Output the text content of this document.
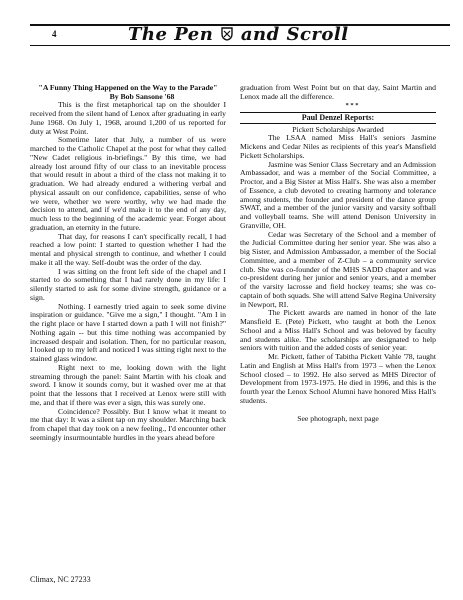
4	The Pen and Scroll

"A Funny Thing Happened on the Way to the Parade"

By Bob Sansone '68

This is the first metaphorical tap on the shoulder I received from the silent hand of Lenox after graduating in early June 1968. On July 1, 1968, around 1,200 of us reported for duty at West Point.

Sometime later that July, a number of us were marched to the Catholic Chapel at the post for what they called "New Cadet religious in-briefings." By this time, we had already lost around fifty of our class to an inevitable process that would result in about a third of the class not making it to graduation. We had already endured a withering verbal and physical assault on our confidence, capabilities, sense of who we were, whether we were worthy, why we had made the decision to attend, and if we'd make it to the end of any day, much less to the beginning of the academic year. Forget about graduation, an eternity in the future.

That day, for reasons I can't specifically recall, I had reached a low point: I started to question whether I had the mental and physical strength to continue, and whether I could make it all the way. Self-doubt was the order of the day.

I was sitting on the front left side of the chapel and I started to do something that I had rarely done in my life: I silently started to ask for some divine strength, guidance or a sign.

Nothing. I earnestly tried again to seek some divine inspiration or guidance. "Give me a sign," I thought. "Am I in the right place or have I started down a path I will not finish?" Nothing again -- but this time nothing was accompanied by increased despair and isolation. Then, for no particular reason, I looked up to my left and noticed I was sitting right next to the stained glass window.

Right next to me, looking down with the light streaming through the panel: Saint Martin with his cloak and sword. I know it sounds corny, but it washed over me at that point that the lessons that I received at Lenox were still with me, and that if there was ever a sign, this was surely one.

Coincidence? Possibly. But I know what it meant to me that day: It was a silent tap on my shoulder. Marching back from chapel that day took on a new feeling., I'd encounter other seemingly insurmountable hurdles in the years ahead before

graduation from West Point but on that day, Saint Martin and Lenox made all the difference.

* * *

Paul Denzel Reports:

Pickett Scholarships Awarded

The LSAA named Miss Hall's seniors Jasmine Mickens and Cedar Niles as recipients of this year's Mansfield Pickett Scholarships.

Jasmine was Senior Class Secretary and an Admission Ambassador, and was a member of the Social Committee, a Proctor, and a Big Sister at Miss Hall's. She was also a member of Essence, a club devoted to creating harmony and tolerance among students, the founder and president of the dance group SWAT, and a member of the junior varsity and varsity softball and volleyball teams. She will attend Denison University in Granville, OH.

Cedar was Secretary of the School and a member of the Judicial Committee during her senior year. She was also a big Sister, and Admission Ambassador, a member of the Social Committee, and a member of Z-Club – a community service club. She was co-founder of the MHS SADD chapter and was co-president during her junior and senior years, and a member of the varsity lacrosse and field hockey teams; she was co-captain of both squads. She will attend Salve Regina University in Newport, RI.

The Pickett awards are named in honor of the late Mansfield E. (Pete) Pickett, who taught at both the Lenox School and a Miss Hall's School and was beloved by faculty and students alike. The scholarships are designated to help seniors with tuition and the added costs of senior year.

Mr. Pickett, father of Tabitha Pickett Vahle '78, taught Latin and English at Miss Hall's from 1973 – when the Lenox School closed – to 1992. He also served as MHS Director of Development from 1973-1975. He died in 1996, and this is the fourth year the Lenox School Alumni have honored Miss Hall's students.

See photograph, next page

Climax, NC 27233
